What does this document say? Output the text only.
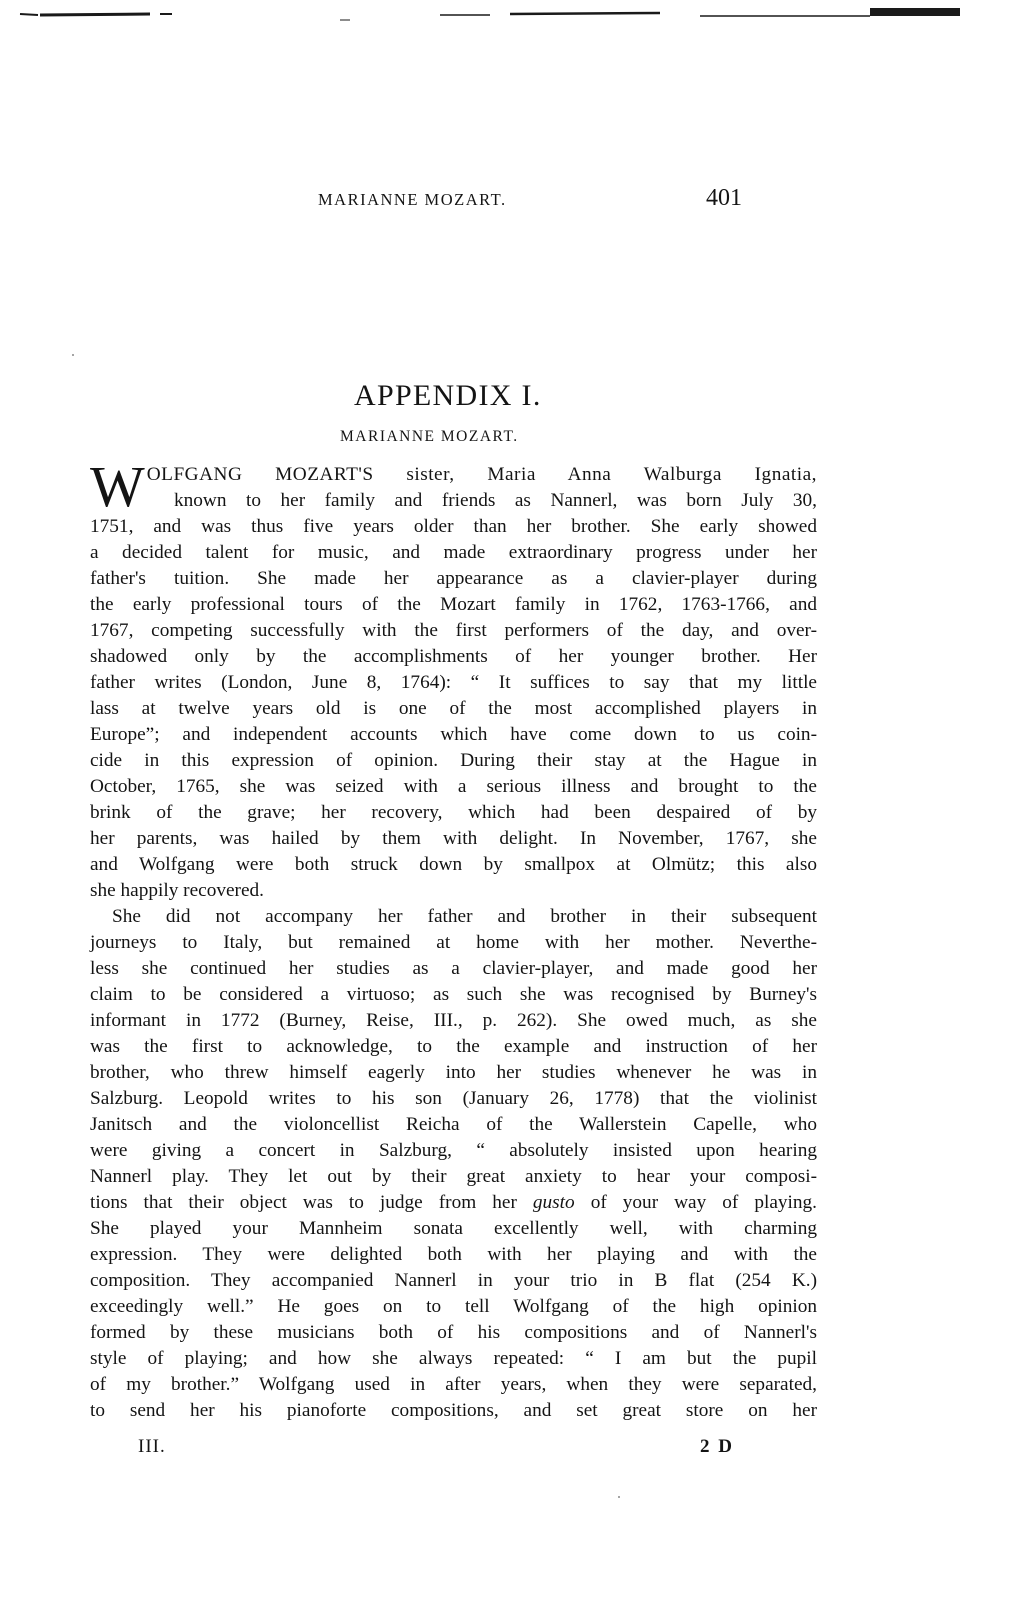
MARIANNE MOZART.	401
APPENDIX I.
MARIANNE MOZART.
WOLFGANG MOZART'S sister, Maria Anna Walburga Ignatia,
known to her family and friends as Nannerl, was born July 30,
1751, and was thus five years older than her brother. She early showed
a decided talent for music, and made extraordinary progress under her
father's tuition. She made her appearance as a clavier-player during
the early professional tours of the Mozart family in 1762, 1763-1766, and
1767, competing successfully with the first performers of the day, and over-
shadowed only by the accomplishments of her younger brother. Her
father writes (London, June 8, 1764): “ It suffices to say that my little
lass at twelve years old is one of the most accomplished players in
Europe”; and independent accounts which have come down to us coin-
cide in this expression of opinion. During their stay at the Hague in
October, 1765, she was seized with a serious illness and brought to the
brink of the grave; her recovery, which had been despaired of by
her parents, was hailed by them with delight. In November, 1767, she
and Wolfgang were both struck down by smallpox at Olmütz; this also
she happily recovered.
She did not accompany her father and brother in their subsequent
journeys to Italy, but remained at home with her mother. Neverthe-
less she continued her studies as a clavier-player, and made good her
claim to be considered a virtuoso; as such she was recognised by Burney's
informant in 1772 (Burney, Reise, III., p. 262). She owed much, as she
was the first to acknowledge, to the example and instruction of her
brother, who threw himself eagerly into her studies whenever he was in
Salzburg. Leopold writes to his son (January 26, 1778) that the violinist
Janitsch and the violoncellist Reicha of the Wallerstein Capelle, who
were giving a concert in Salzburg, “ absolutely insisted upon hearing
Nannerl play. They let out by their great anxiety to hear your composi-
tions that their object was to judge from her gusto of your way of playing.
She played your Mannheim sonata excellently well, with charming
expression. They were delighted both with her playing and with the
composition. They accompanied Nannerl in your trio in B flat (254 K.)
exceedingly well.” He goes on to tell Wolfgang of the high opinion
formed by these musicians both of his compositions and of Nannerl's
style of playing; and how she always repeated: “ I am but the pupil
of my brother.” Wolfgang used in after years, when they were separated,
to send her his pianoforte compositions, and set great store on her
III.	2 D
